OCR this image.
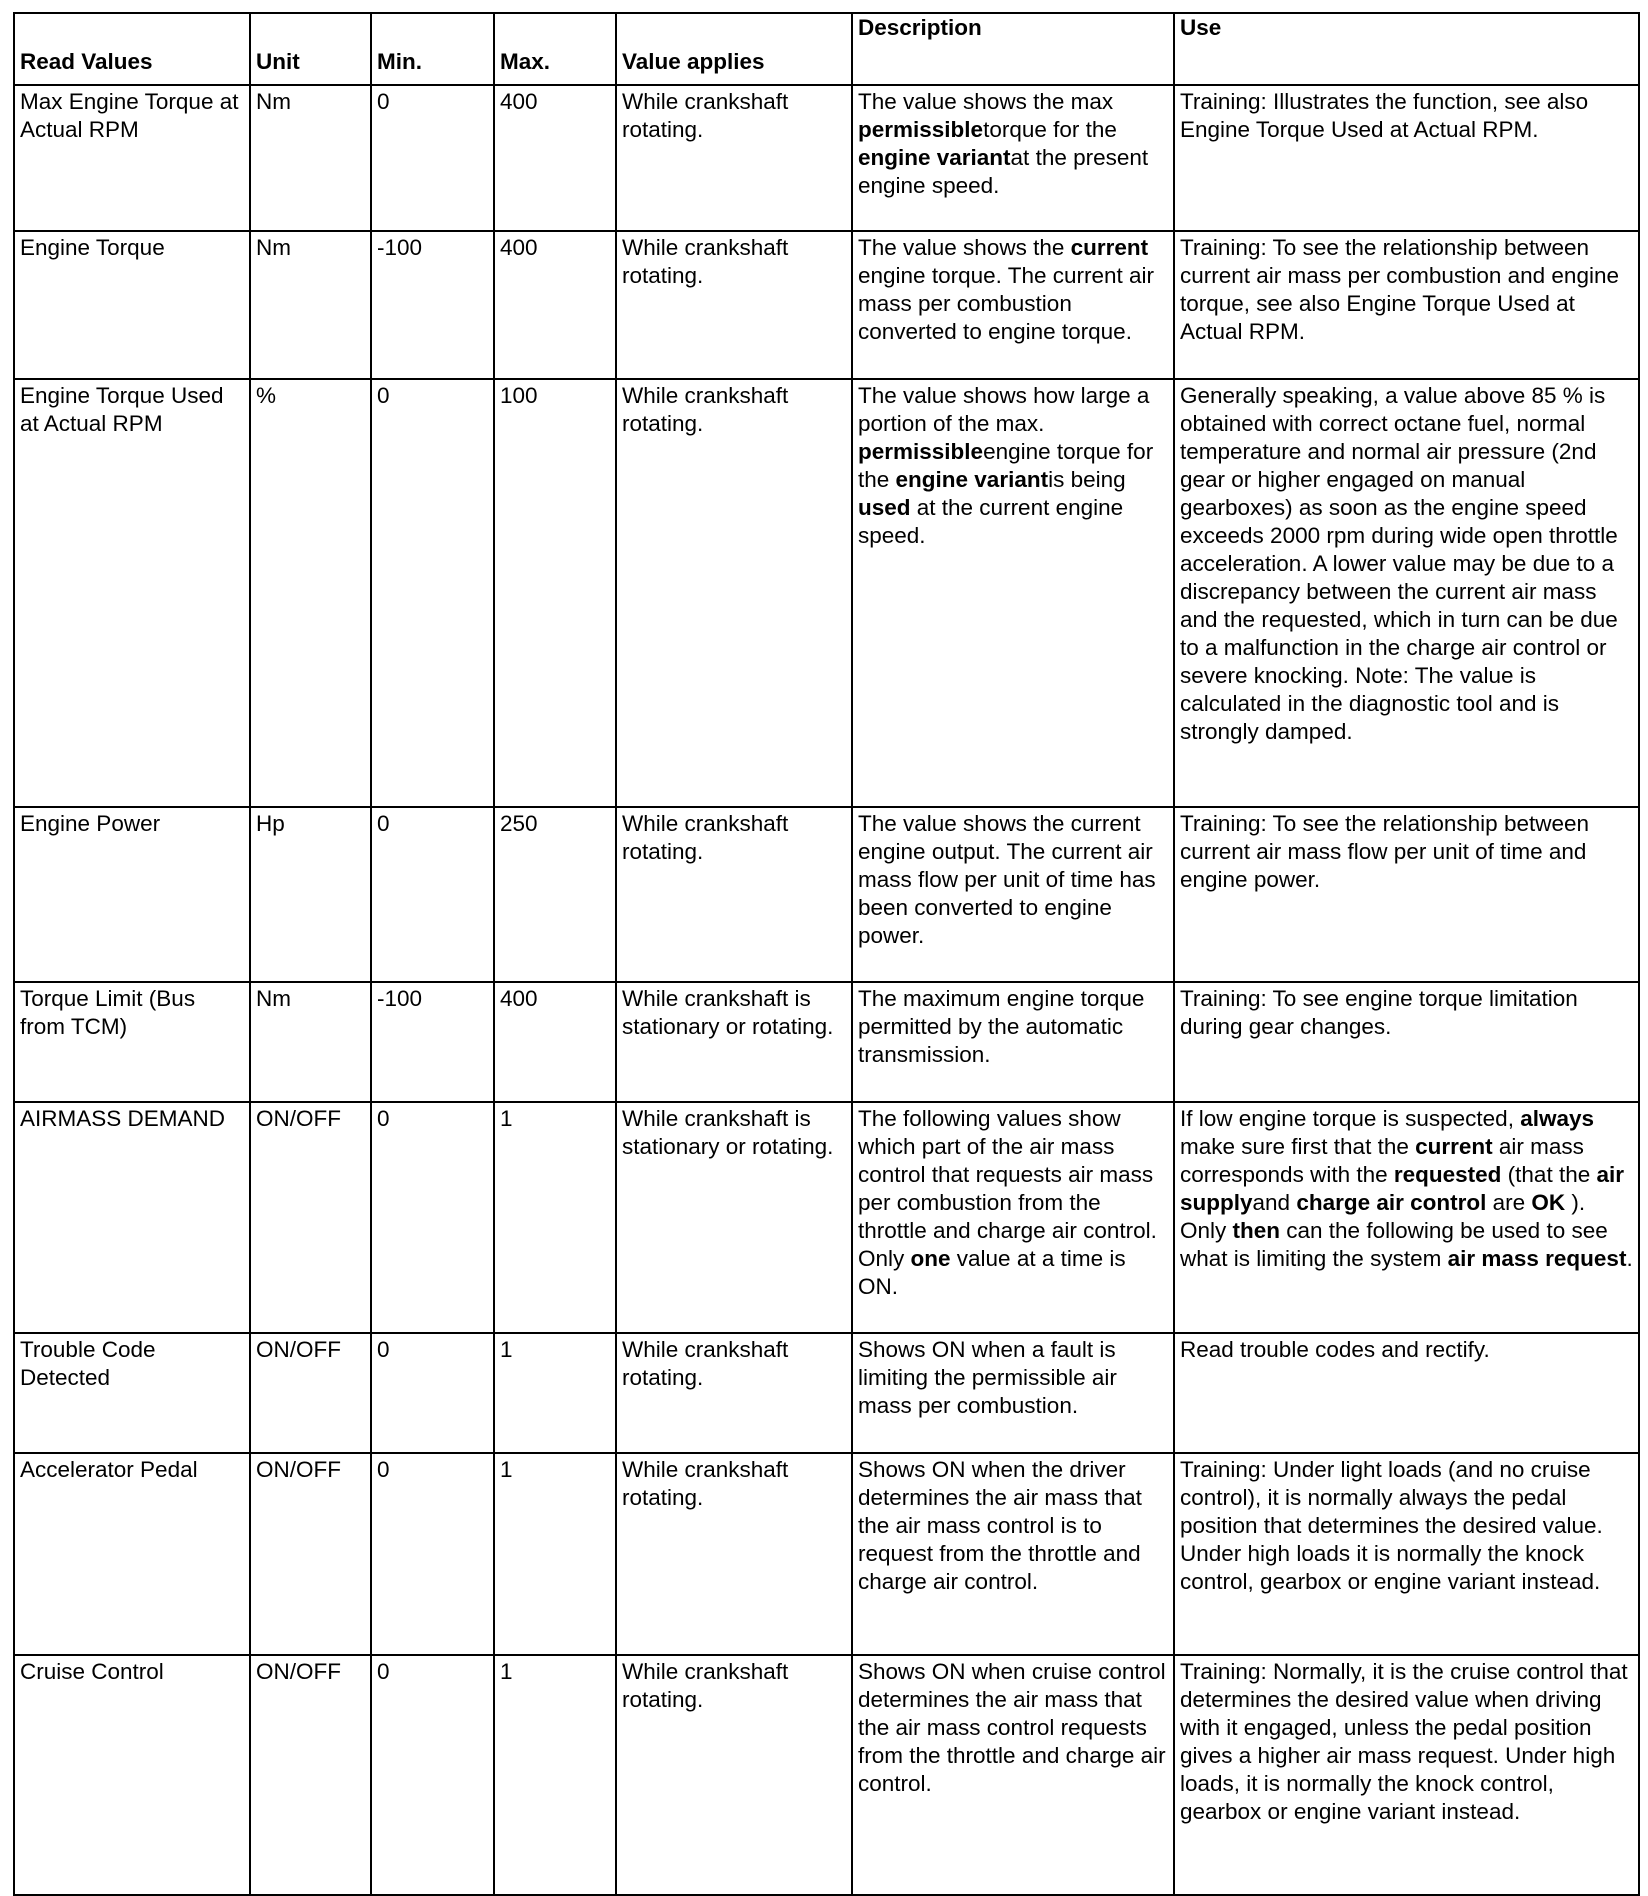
Read Values	Unit	Min.	Max.	Value applies	Description	Use
Max Engine Torque at Actual RPM	Nm	0	400	While crankshaft rotating.	The value shows the max permissibletorque for the engine variantat the present engine speed.	Training: Illustrates the function, see also Engine Torque Used at Actual RPM.
Engine Torque	Nm	-100	400	While crankshaft rotating.	The value shows the current engine torque. The current air mass per combustion converted to engine torque.	Training: To see the relationship between current air mass per combustion and engine torque, see also Engine Torque Used at Actual RPM.
Engine Torque Used at Actual RPM	%	0	100	While crankshaft rotating.	The value shows how large a portion of the max. permissibleengine torque for the engine variantis being used at the current engine speed.	Generally speaking, a value above 85 % is obtained with correct octane fuel, normal temperature and normal air pressure (2nd gear or higher engaged on manual gearboxes) as soon as the engine speed exceeds 2000 rpm during wide open throttle acceleration. A lower value may be due to a discrepancy between the current air mass and the requested, which in turn can be due to a malfunction in the charge air control or severe knocking. Note: The value is calculated in the diagnostic tool and is strongly damped.
Engine Power	Hp	0	250	While crankshaft rotating.	The value shows the current engine output. The current air mass flow per unit of time has been converted to engine power.	Training: To see the relationship between current air mass flow per unit of time and engine power.
Torque Limit (Bus from TCM)	Nm	-100	400	While crankshaft is stationary or rotating.	The maximum engine torque permitted by the automatic transmission.	Training: To see engine torque limitation during gear changes.
AIRMASS DEMAND	ON/OFF	0	1	While crankshaft is stationary or rotating.	The following values show which part of the air mass control that requests air mass per combustion from the throttle and charge air control. Only one value at a time is ON.	If low engine torque is suspected, always make sure first that the current air mass corresponds with the requested (that the air supplyand charge air control are OK ). Only then can the following be used to see what is limiting the system air mass request.
Trouble Code Detected	ON/OFF	0	1	While crankshaft rotating.	Shows ON when a fault is limiting the permissible air mass per combustion.	Read trouble codes and rectify.
Accelerator Pedal	ON/OFF	0	1	While crankshaft rotating.	Shows ON when the driver determines the air mass that the air mass control is to request from the throttle and charge air control.	Training: Under light loads (and no cruise control), it is normally always the pedal position that determines the desired value. Under high loads it is normally the knock control, gearbox or engine variant instead.
Cruise Control	ON/OFF	0	1	While crankshaft rotating.	Shows ON when cruise control determines the air mass that the air mass control requests from the throttle and charge air control.	Training: Normally, it is the cruise control that determines the desired value when driving with it engaged, unless the pedal position gives a higher air mass request. Under high loads, it is normally the knock control, gearbox or engine variant instead.
